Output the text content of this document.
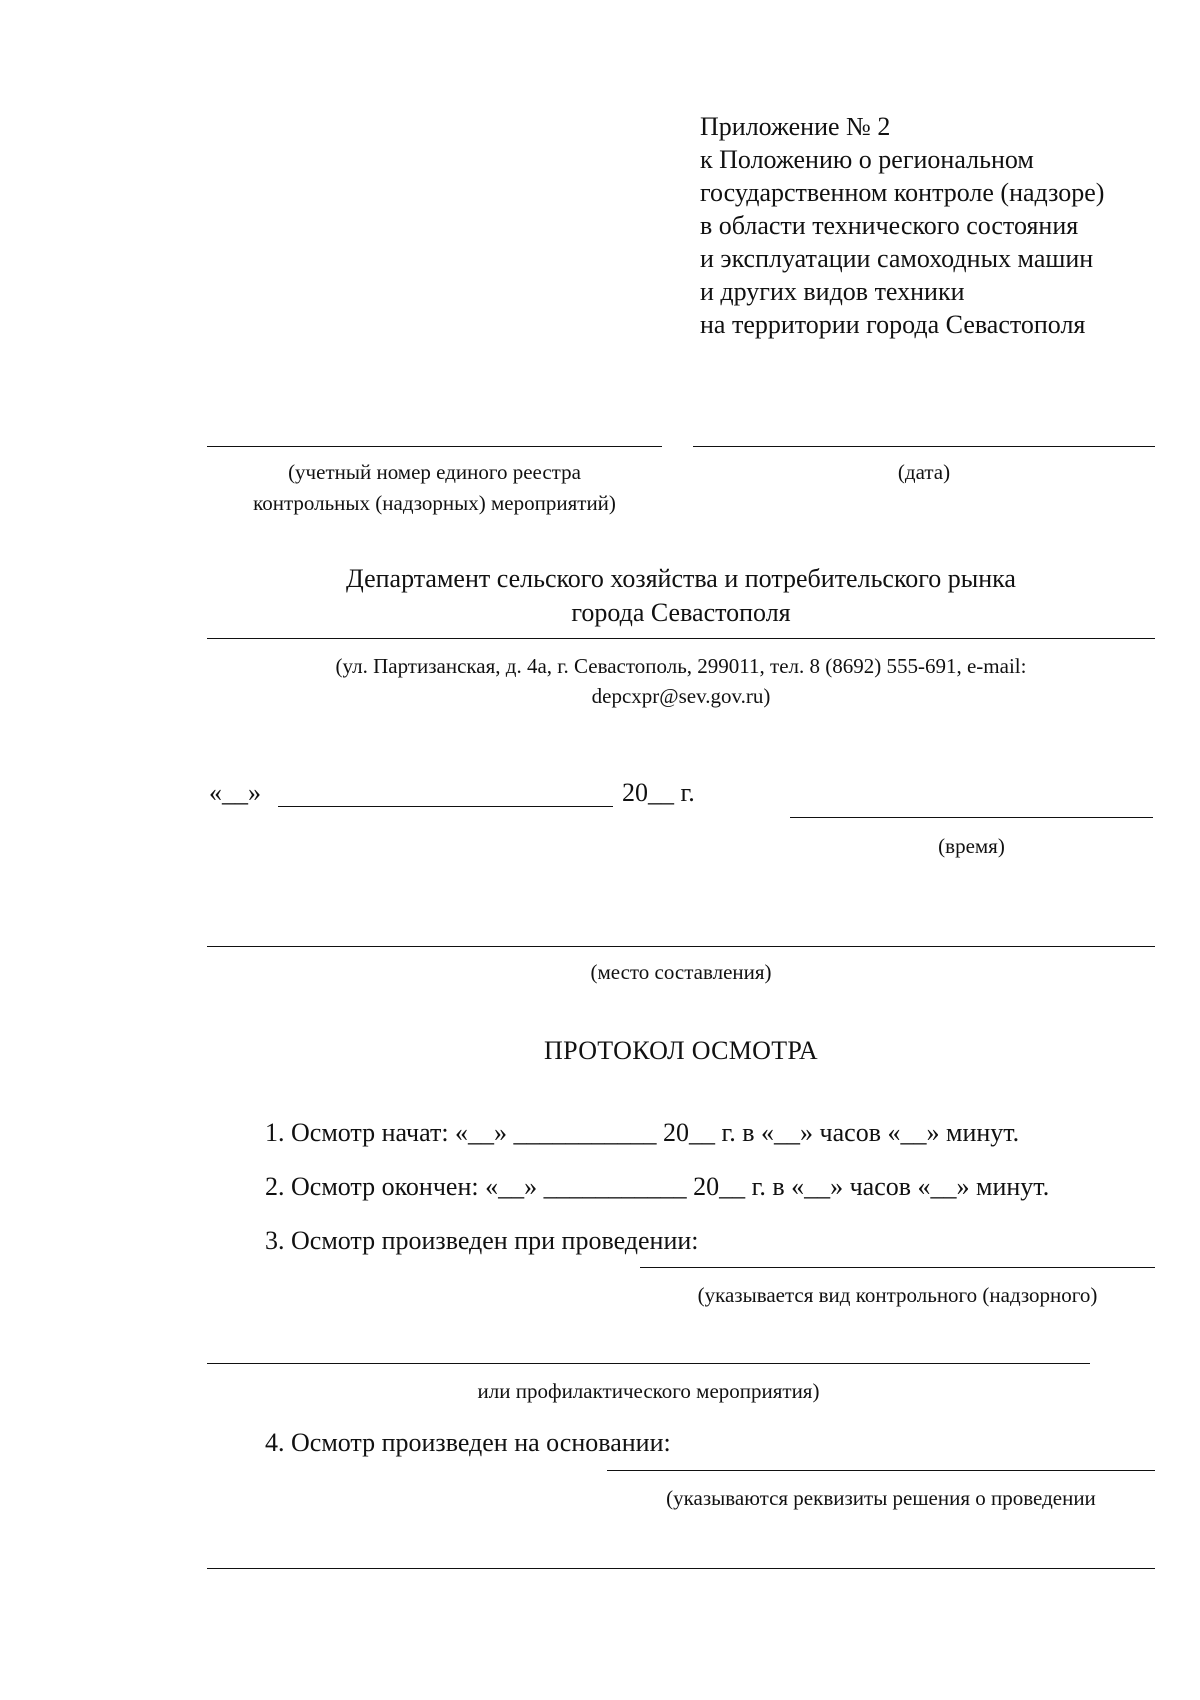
Приложение № 2
к Положению о региональном
государственном контроле (надзоре)
в области технического состояния
и эксплуатации самоходных машин
и других видов техники
на территории города Севастополя
(учетный номер единого реестра
контрольных (надзорных) мероприятий)
(дата)
Департамент сельского хозяйства и потребительского рынка
города Севастополя
(ул. Партизанская, д. 4а, г. Севастополь, 299011, тел. 8 (8692) 555-691, e-mail:
depcxpr@sev.gov.ru)
«__»	20__ г.
(время)
(место составления)
ПРОТОКОЛ ОСМОТРА
1. Осмотр начат: «__» ___________ 20__ г. в «__» часов «__» минут.
2. Осмотр окончен: «__» ___________ 20__ г. в «__» часов «__» минут.
3. Осмотр произведен при проведении:
(указывается вид контрольного (надзорного)
или профилактического мероприятия)
4. Осмотр произведен на основании:
(указываются реквизиты решения о проведении
